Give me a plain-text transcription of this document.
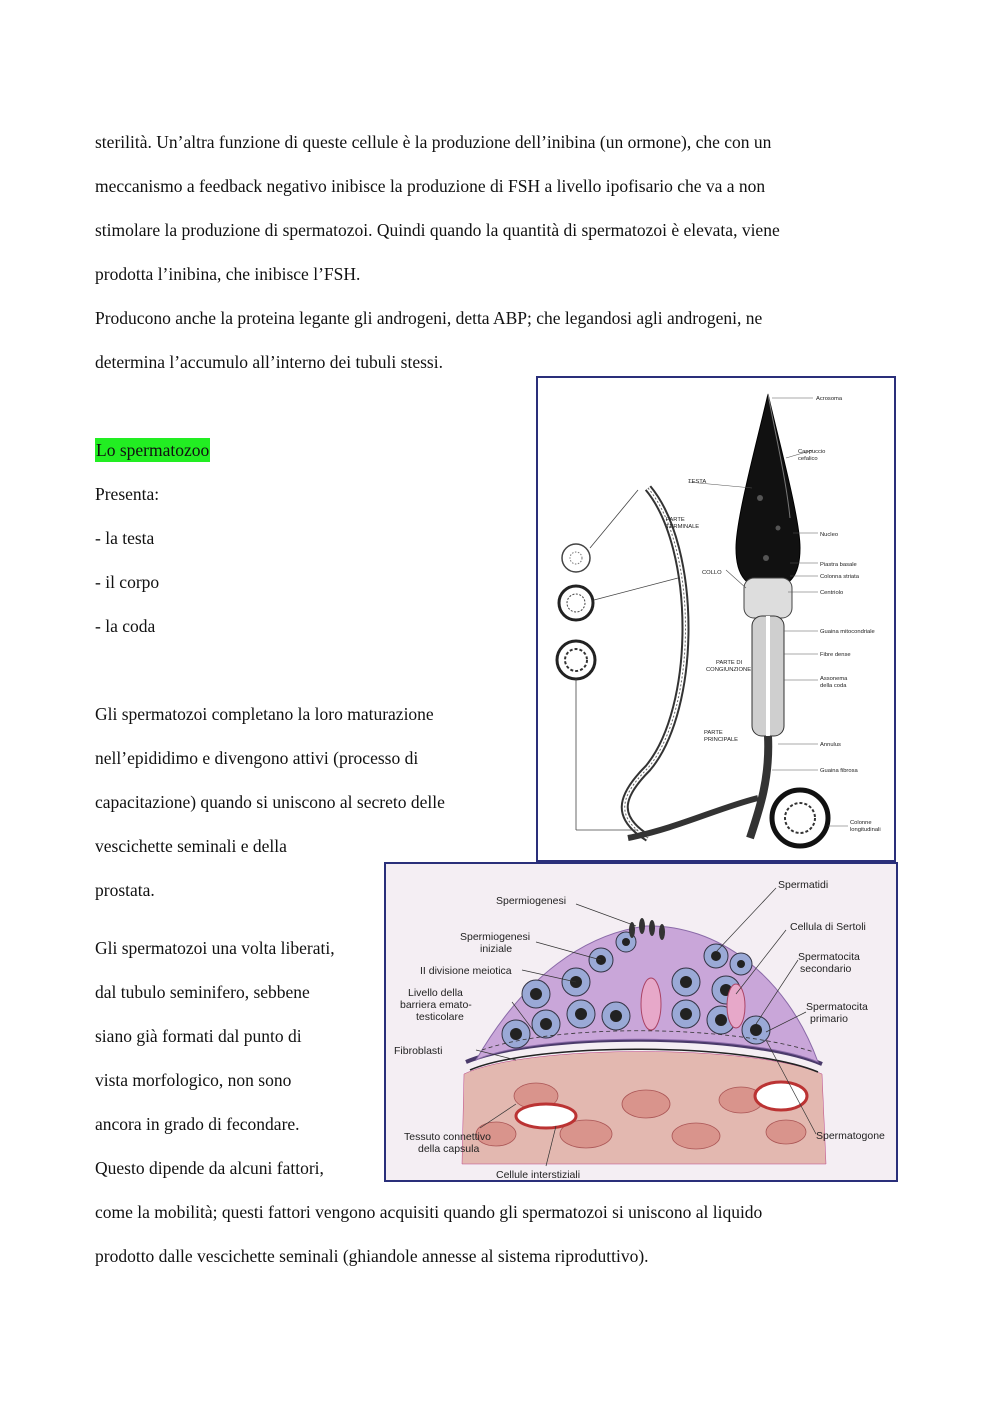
sterilità. Un’altra funzione di queste cellule è la produzione dell’inibina (un ormone), che con un
meccanismo a feedback negativo inibisce la produzione di FSH a livello ipofisario che va a non
stimolare la produzione di spermatozoi. Quindi quando la quantità di spermatozoi è elevata, viene
prodotta l’inibina, che inibisce l’FSH.
Producono anche la proteina legante gli androgeni, detta ABP; che legandosi agli androgeni, ne
determina l’accumulo all’interno dei tubuli stessi.
Lo spermatozoo
Presenta:
- la testa
- il corpo
- la coda
Gli spermatozoi completano la loro maturazione
nell’epididimo e divengono attivi (processo di
capacitazione) quando si uniscono al secreto delle
vescichette seminali e della
prostata.
Gli spermatozoi una volta liberati,
dal tubulo seminifero, sebbene
siano già formati dal punto di
vista morfologico, non sono
ancora in grado di fecondare.
Questo dipende da alcuni fattori,
come la mobilità; questi fattori vengono acquisiti quando gli spermatozoi si uniscono al liquido
prodotto dalle vescichette seminali (ghiandole annesse al sistema riproduttivo).
Acrosoma
Cappuccio
cefalico
TESTA
PARTE
TERMINALE
Nucleo
Piastra basale
Colonna striata
COLLO
Centriolo
Guaina mitocondriale
PARTE DI
CONGIUNZIONE
Fibre dense
Assonema
della coda
PARTE
PRINCIPALE
Annulus
Guaina fibrosa
Colonne
longitudinali
Spermatidi
Spermiogenesi
Cellula di Sertoli
Spermiogenesi
iniziale
Spermatocita
secondario
II divisione meiotica
Livello della
barriera emato-
testicolare
Spermatocita
primario
Fibroblasti
Tessuto connettivo
della capsula
Spermatogone
Cellule interstiziali
